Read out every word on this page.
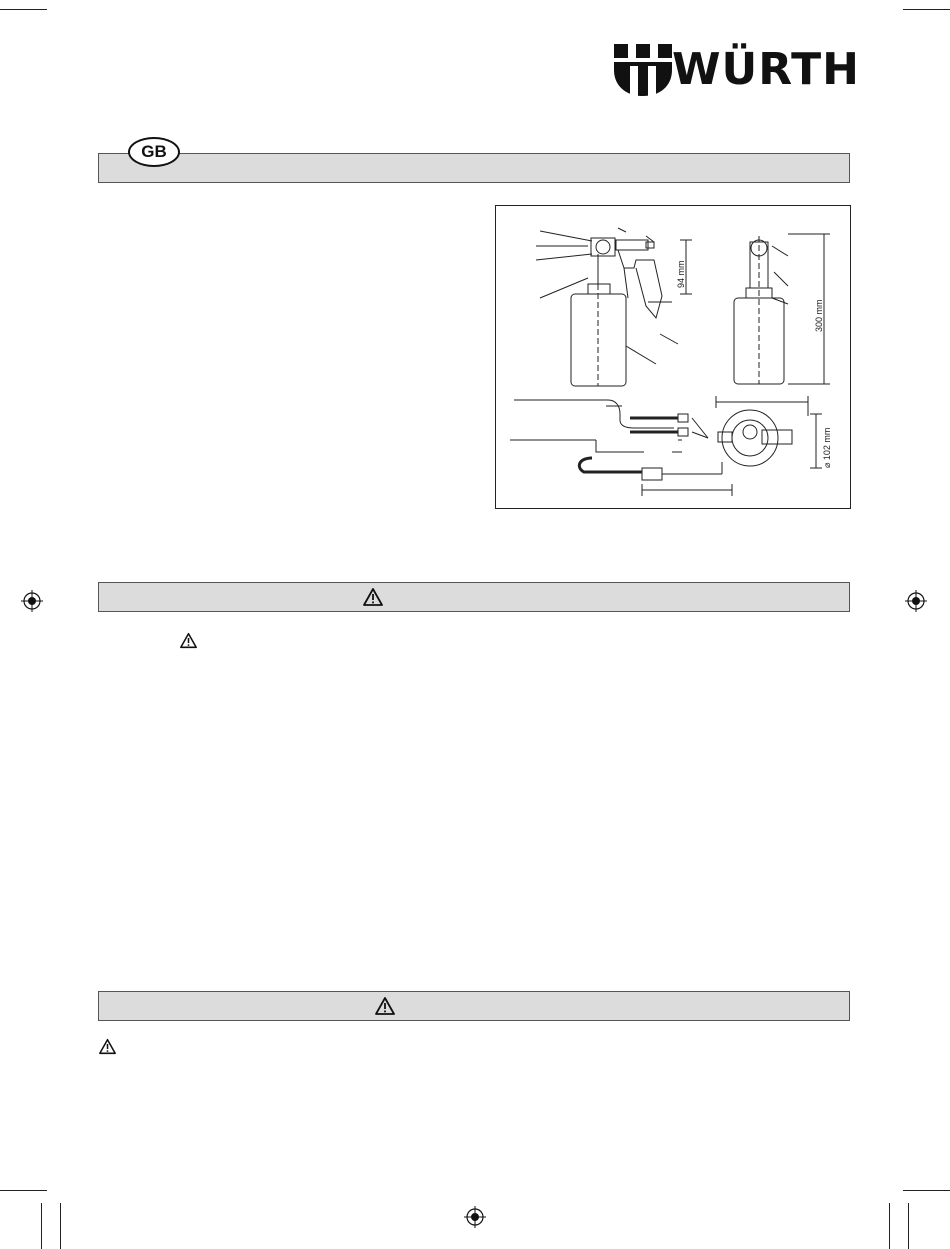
WÜRTH
GB
94 mm
300 mm
⌀ 102 mm
